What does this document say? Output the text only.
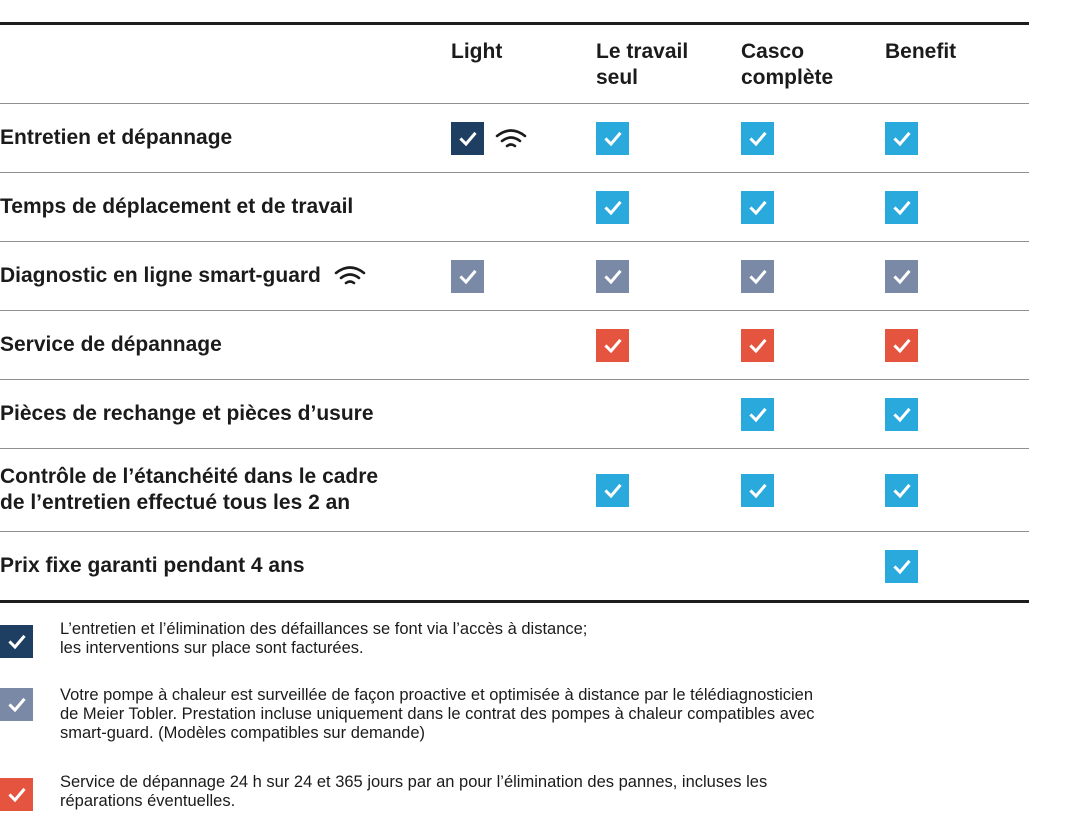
Light	Le travail
seul
Casco
complète
Benefit
Entretien et dépannage
Temps de déplacement et de travail
Diagnostic en ligne smart-guard
Service de dépannage
Pièces de rechange et pièces d’usure
Contrôle de l’étanchéité dans le cadre
de l’entretien effectué tous les 2 an
Prix fixe garanti pendant 4 ans
L’entretien et l’élimination des défaillances se font via l’accès à distance;
les interventions sur place sont facturées.
Votre pompe à chaleur est surveillée de façon proactive et optimisée à distance par le télédiagnosticien
de Meier Tobler. Prestation incluse uniquement dans le contrat des pompes à chaleur compatibles avec
smart-guard. (Modèles compatibles sur demande)
Service de dépannage 24 h sur 24 et 365 jours par an pour l’élimination des pannes, incluses les
réparations éventuelles.
